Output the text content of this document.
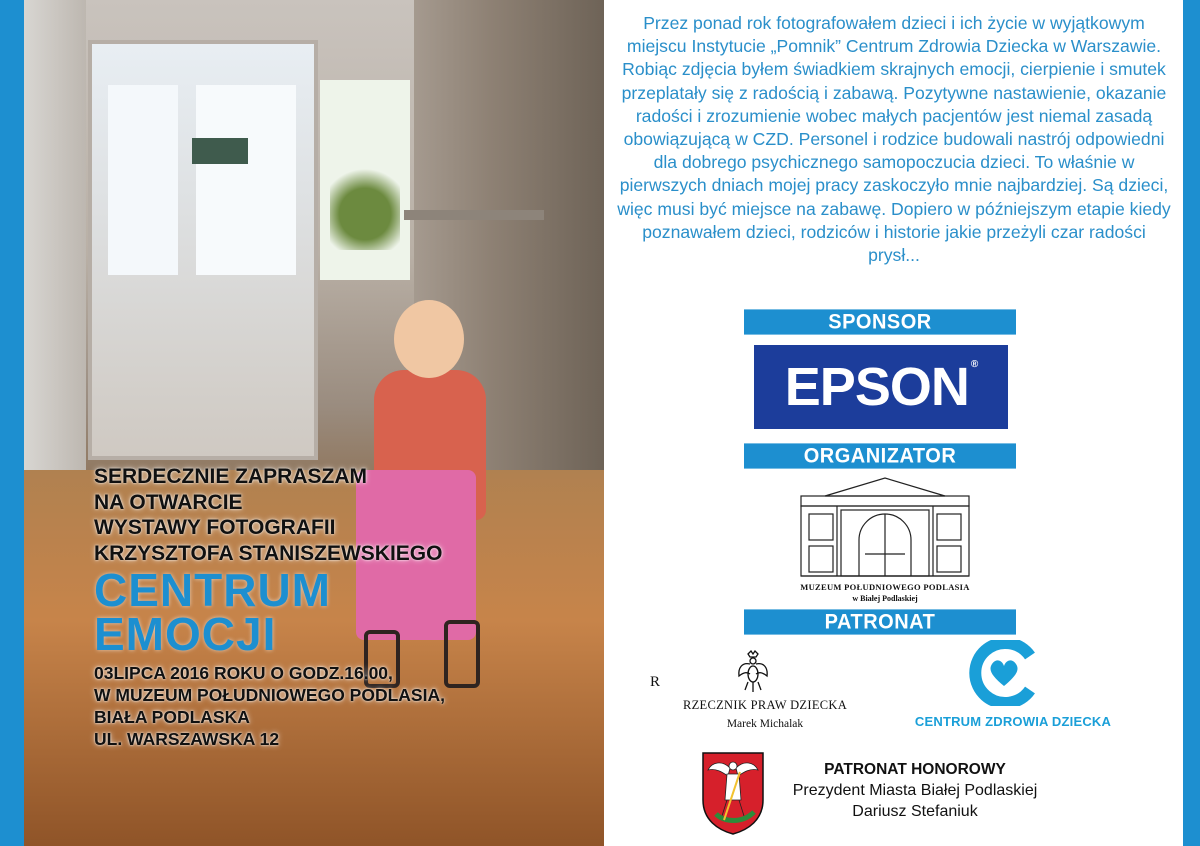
SERDECZNIE ZAPRASZAM
NA OTWARCIE
WYSTAWY FOTOGRAFII
KRZYSZTOFA STANISZEWSKIEGO
CENTRUM
EMOCJI
03LIPCA 2016 ROKU O GODZ.16.00,
W MUZEUM POŁUDNIOWEGO PODLASIA,
BIAŁA PODLASKA
UL. WARSZAWSKA 12

Przez ponad rok fotografowałem dzieci i ich życie w wyjątkowym miejscu Instytucie „Pomnik” Centrum Zdrowia Dziecka w Warszawie. Robiąc zdjęcia byłem świadkiem skrajnych emocji, cierpienie i smutek przeplatały się z radością i zabawą. Pozytywne nastawienie, okazanie radości i zrozumienie wobec małych pacjentów jest niemal zasadą obowiązującą w CZD. Personel i rodzice budowali nastrój odpowiedni dla dobrego psychicznego samopoczucia dzieci. To właśnie w pierwszych dniach mojej pracy zaskoczyło mnie najbardziej. Są dzieci, więc musi być miejsce na zabawę. Dopiero w późniejszym etapie kiedy poznawałem dzieci, rodziców i historie jakie przeżyli czar radości prysł...

SPONSOR
EPSON ®
ORGANIZATOR
MUZEUM POŁUDNIOWEGO PODLASIA
w Białej Podlaskiej
PATRONAT
R
RZECZNIK PRAW DZIECKA
Marek Michalak	CENTRUM ZDROWIA DZIECKA
PATRONAT HONOROWY
Prezydent Miasta Białej Podlaskiej
Dariusz Stefaniuk
